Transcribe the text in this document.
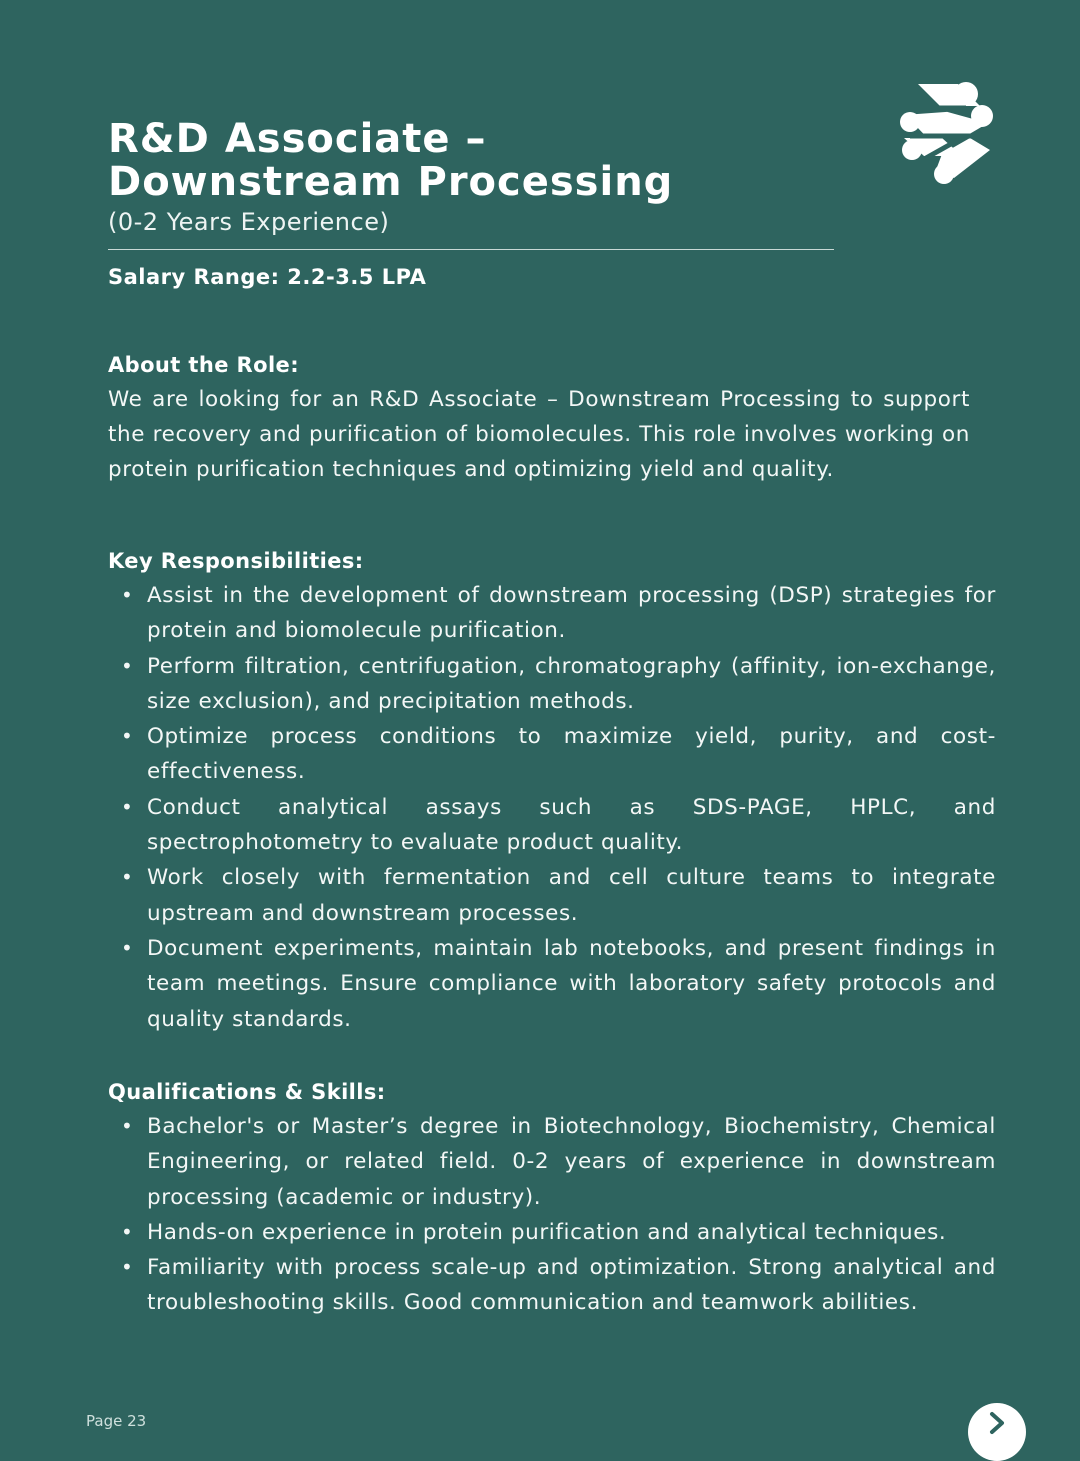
R&D Associate –
Downstream Processing
(0-2 Years Experience)
Salary Range: 2.2-3.5 LPA
About the Role:

We are looking for an R&D Associate – Downstream Processing to support the recovery and purification of biomolecules. This role involves working on protein purification techniques and optimizing yield and quality.

Key Responsibilities:
• Assist in the development of downstream processing (DSP) strategies for protein and biomolecule purification.
• Perform filtration, centrifugation, chromatography (affinity, ion-exchange, size exclusion), and precipitation methods.
• Optimize process conditions to maximize yield, purity, and cost-effectiveness.
• Conduct analytical assays such as SDS-PAGE, HPLC, and spectrophotometry to evaluate product quality.
• Work closely with fermentation and cell culture teams to integrate upstream and downstream processes.
• Document experiments, maintain lab notebooks, and present findings in team meetings. Ensure compliance with laboratory safety protocols and quality standards.
Qualifications & Skills:
• Bachelor's or Master’s degree in Biotechnology, Biochemistry, Chemical Engineering, or related field. 0-2 years of experience in downstream processing (academic or industry).
• Hands-on experience in protein purification and analytical techniques.
• Familiarity with process scale-up and optimization. Strong analytical and troubleshooting skills. Good communication and teamwork abilities.
Page 23
